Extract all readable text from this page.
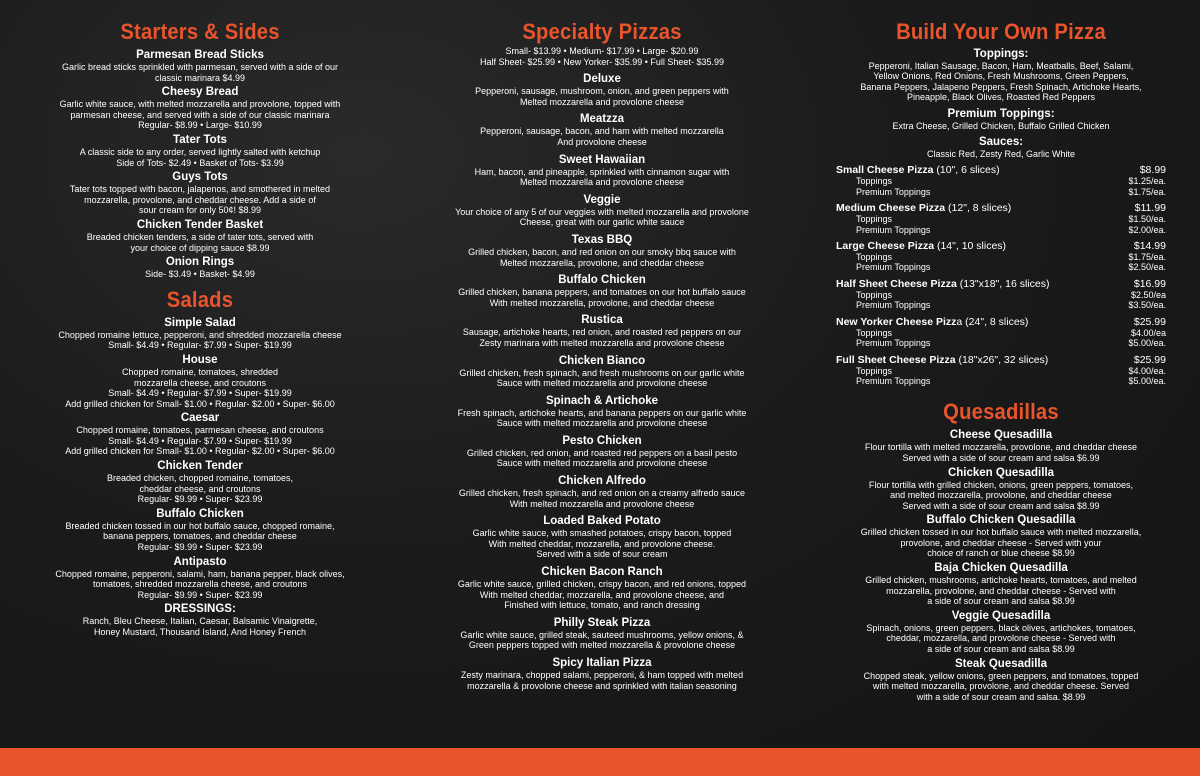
Starters & Sides
Parmesan Bread Sticks
Garlic bread sticks sprinkled with parmesan, served with a side of our
classic marinara $4.99
Cheesy Bread
Garlic white sauce, with melted mozzarella and provolone, topped with
parmesan cheese, and served with a side of our classic marinara
Regular- $8.99 • Large- $10.99
Tater Tots
A classic side to any order, served lightly salted with ketchup
Side of Tots- $2.49 • Basket of Tots- $3.99
Guys Tots
Tater tots topped with bacon, jalapenos, and smothered in melted
mozzarella, provolone, and cheddar cheese. Add a side of
sour cream for only 50¢! $8.99
Chicken Tender Basket
Breaded chicken tenders, a side of tater tots, served with
your choice of dipping sauce $8.99
Onion Rings
Side- $3.49 • Basket- $4.99
Salads
Simple Salad
Chopped romaine lettuce, pepperoni, and shredded mozzarella cheese
Small- $4.49 • Regular- $7.99 • Super- $19.99
House
Chopped romaine, tomatoes, shredded
mozzarella cheese, and croutons
Small- $4.49 • Regular- $7.99 • Super- $19.99
Add grilled chicken for Small- $1.00 • Regular- $2.00 • Super- $6.00
Caesar
Chopped romaine, tomatoes, parmesan cheese, and croutons
Small- $4.49 • Regular- $7.99 • Super- $19.99
Add grilled chicken for Small- $1.00 • Regular- $2.00 • Super- $6.00
Chicken Tender
Breaded chicken, chopped romaine, tomatoes,
cheddar cheese, and croutons
Regular- $9.99 • Super- $23.99
Buffalo Chicken
Breaded chicken tossed in our hot buffalo sauce, chopped romaine,
banana peppers, tomatoes, and cheddar cheese
Regular- $9.99 • Super- $23.99
Antipasto
Chopped romaine, pepperoni, salami, ham, banana pepper, black olives,
tomatoes, shredded mozzarella cheese, and croutons
Regular- $9.99 • Super- $23.99
DRESSINGS:
Ranch, Bleu Cheese, Italian, Caesar, Balsamic Vinaigrette,
Honey Mustard, Thousand Island, And Honey French
Specialty Pizzas
Small- $13.99 • Medium- $17.99 • Large- $20.99
Half Sheet- $25.99 • New Yorker- $35.99 • Full Sheet- $35.99
Deluxe
Pepperoni, sausage, mushroom, onion, and green peppers with
Melted mozzarella and provolone cheese
Meatzza
Pepperoni, sausage, bacon, and ham with melted mozzarella
And provolone cheese
Sweet Hawaiian
Ham, bacon, and pineapple, sprinkled with cinnamon sugar with
Melted mozzarella and provolone cheese
Veggie
Your choice of any 5 of our veggies with melted mozzarella and provolone
Cheese, great with our garlic white sauce
Texas BBQ
Grilled chicken, bacon, and red onion on our smoky bbq sauce with
Melted mozzarella, provolone, and cheddar cheese
Buffalo Chicken
Grilled chicken, banana peppers, and tomatoes on our hot buffalo sauce
With melted mozzarella, provolone, and cheddar cheese
Rustica
Sausage, artichoke hearts, red onion, and roasted red peppers on our
Zesty marinara with melted mozzarella and provolone cheese
Chicken Bianco
Grilled chicken, fresh spinach, and fresh mushrooms on our garlic white
Sauce with melted mozzarella and provolone cheese
Spinach & Artichoke
Fresh spinach, artichoke hearts, and banana peppers on our garlic white
Sauce with melted mozzarella and provolone cheese
Pesto Chicken
Grilled chicken, red onion, and roasted red peppers on a basil pesto
Sauce with melted mozzarella and provolone cheese
Chicken Alfredo
Grilled chicken, fresh spinach, and red onion on a creamy alfredo sauce
With melted mozzarella and provolone cheese
Loaded Baked Potato
Garlic white sauce, with smashed potatoes, crispy bacon, topped
With melted cheddar, mozzarella, and provolone cheese.
Served with a side of sour cream
Chicken Bacon Ranch
Garlic white sauce, grilled chicken, crispy bacon, and red onions, topped
With melted cheddar, mozzarella, and provolone cheese, and
Finished with lettuce, tomato, and ranch dressing
Philly Steak Pizza
Garlic white sauce, grilled steak, sauteed mushrooms, yellow onions, &
Green peppers topped with melted mozzarella & provolone cheese
Spicy Italian Pizza
Zesty marinara, chopped salami, pepperoni, & ham topped with melted
mozzarella & provolone cheese and sprinkled with italian seasoning
Build Your Own Pizza
Toppings:
Pepperoni, Italian Sausage, Bacon, Ham, Meatballs, Beef, Salami,
Yellow Onions, Red Onions, Fresh Mushrooms, Green Peppers,
Banana Peppers, Jalapeno Peppers, Fresh Spinach, Artichoke Hearts,
Pineapple, Black Olives, Roasted Red Peppers
Premium Toppings:
Extra Cheese, Grilled Chicken, Buffalo Grilled Chicken
Sauces:
Classic Red, Zesty Red, Garlic White
Small Cheese Pizza (10", 6 slices)	$8.99
Toppings	$1.25/ea.
Premium Toppings	$1.75/ea.
Medium Cheese Pizza (12", 8 slices)	$11.99
Toppings	$1.50/ea.
Premium Toppings	$2.00/ea.
Large Cheese Pizza (14", 10 slices)	$14.99
Toppings	$1.75/ea.
Premium Toppings	$2.50/ea.
Half Sheet Cheese Pizza (13"x18", 16 slices)	$16.99
Toppings	$2.50/ea
Premium Toppings	$3.50/ea.
New Yorker Cheese Pizza (24", 8 slices)	$25.99
Toppings	$4.00/ea
Premium Toppings	$5.00/ea.
Full Sheet Cheese Pizza (18"x26", 32 slices)	$25.99
Toppings	$4.00/ea.
Premium Toppings	$5.00/ea.
Quesadillas
Cheese Quesadilla
Flour tortilla with melted mozzarella, provolone, and cheddar cheese
Served with a side of sour cream and salsa $6.99
Chicken Quesadilla
Flour tortilla with grilled chicken, onions, green peppers, tomatoes,
and melted mozzarella, provolone, and cheddar cheese
Served with a side of sour cream and salsa $8.99
Buffalo Chicken Quesadilla
Grilled chicken tossed in our hot buffalo sauce with melted mozzarella,
provolone, and cheddar cheese - Served with your
choice of ranch or blue cheese $8.99
Baja Chicken Quesadilla
Grilled chicken, mushrooms, artichoke hearts, tomatoes, and melted
mozzarella, provolone, and cheddar cheese - Served with
a side of sour cream and salsa $8.99
Veggie Quesadilla
Spinach, onions, green peppers, black olives, artichokes, tomatoes,
cheddar, mozzarella, and provolone cheese - Served with
a side of sour cream and salsa $8.99
Steak Quesadilla
Chopped steak, yellow onions, green peppers, and tomatoes, topped
with melted mozzarella, provolone, and cheddar cheese. Served
with a side of sour cream and salsa. $8.99
